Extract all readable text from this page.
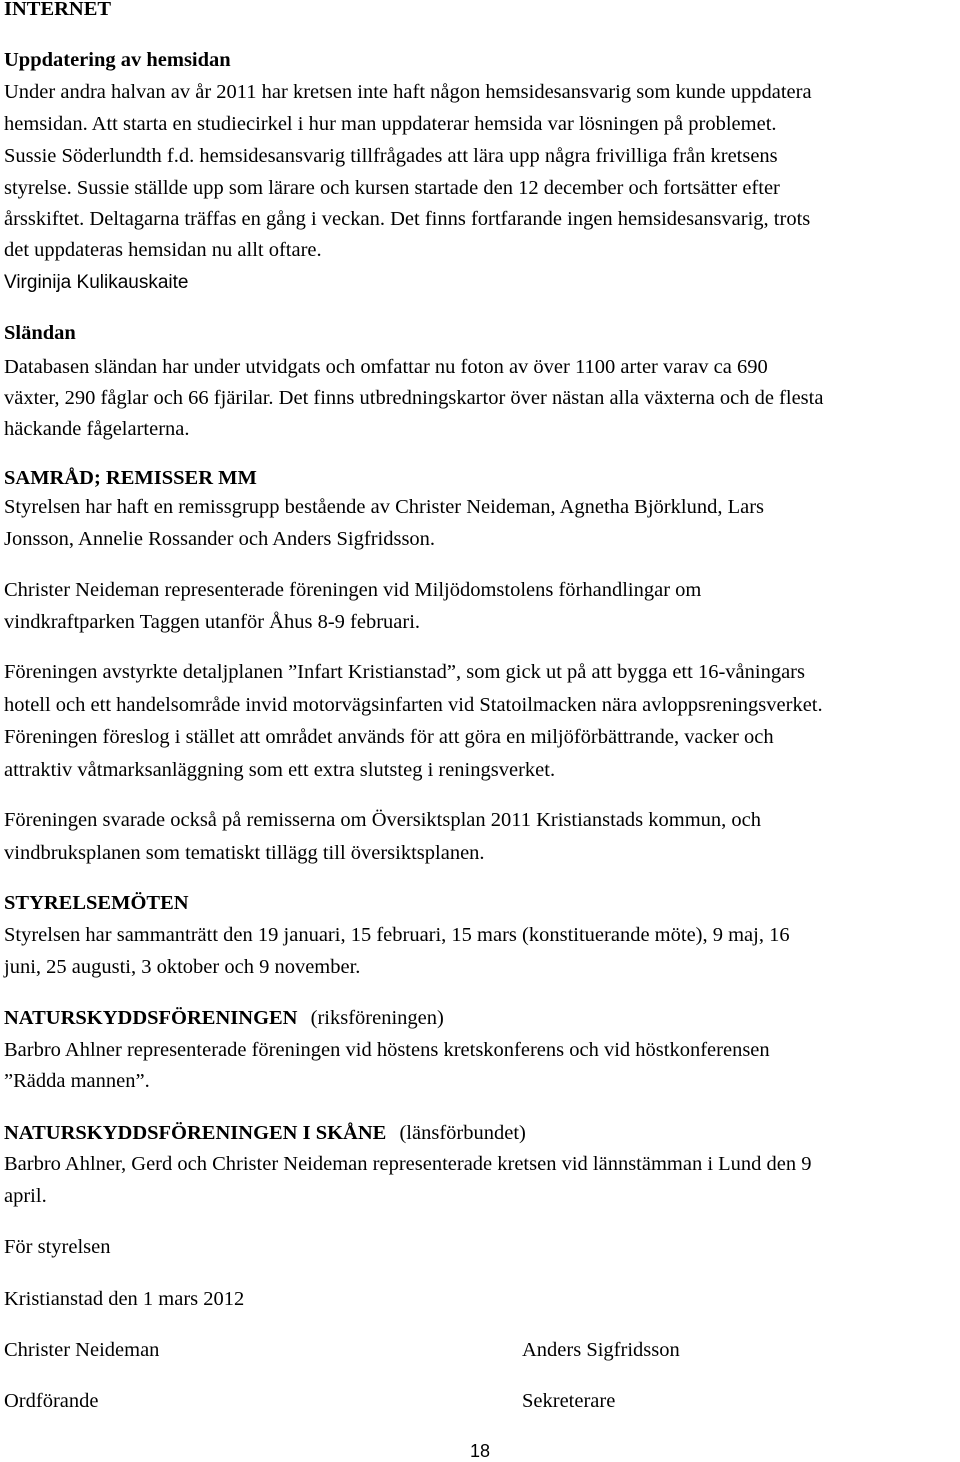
INTERNET
Uppdatering av hemsidan
Under andra halvan av år 2011 har kretsen inte haft någon hemsidesansvarig som kunde uppdatera
hemsidan. Att starta en studiecirkel i hur man uppdaterar hemsida var lösningen på problemet.
Sussie Söderlundth f.d. hemsidesansvarig tillfrågades att lära upp några frivilliga från kretsens
styrelse. Sussie ställde upp som lärare och kursen startade den 12 december och fortsätter efter
årsskiftet. Deltagarna träffas en gång i veckan. Det finns fortfarande ingen hemsidesansvarig, trots
det uppdateras hemsidan nu allt oftare.
Virginija Kulikauskaite
Sländan
Databasen sländan har under utvidgats och omfattar nu foton av över 1100 arter varav ca 690
växter, 290 fåglar och 66 fjärilar. Det finns utbredningskartor över nästan alla växterna och de flesta
häckande fågelarterna.
SAMRÅD; REMISSER MM
Styrelsen har haft en remissgrupp bestående av Christer Neideman, Agnetha Björklund, Lars
Jonsson, Annelie Rossander och Anders Sigfridsson.
Christer Neideman representerade föreningen vid Miljödomstolens förhandlingar om
vindkraftparken Taggen utanför Åhus 8-9 februari.
Föreningen avstyrkte detaljplanen ”Infart Kristianstad”, som gick ut på att bygga ett 16-våningars
hotell och ett handelsområde invid motorvägsinfarten vid Statoilmacken nära avloppsreningsverket.
Föreningen föreslog i stället att området används för att göra en miljöförbättrande, vacker och
attraktiv våtmarksanläggning som ett extra slutsteg i reningsverket.
Föreningen svarade också på remisserna om Översiktsplan 2011 Kristianstads kommun, och
vindbruksplanen som tematiskt tillägg till översiktsplanen.
STYRELSEMÖTEN
Styrelsen har sammanträtt den 19 januari, 15 februari, 15 mars (konstituerande möte), 9 maj, 16
juni, 25 augusti, 3 oktober och 9 november.
NATURSKYDDSFÖRENINGEN (riksföreningen)
Barbro Ahlner representerade föreningen vid höstens kretskonferens och vid höstkonferensen
”Rädda mannen”.
NATURSKYDDSFÖRENINGEN I SKÅNE (länsförbundet)
Barbro Ahlner, Gerd och Christer Neideman representerade kretsen vid lännstämman i Lund den 9
april.
För styrelsen
Kristianstad den 1 mars 2012
Christer Neideman	Anders Sigfridsson
Ordförande	Sekreterare
18
